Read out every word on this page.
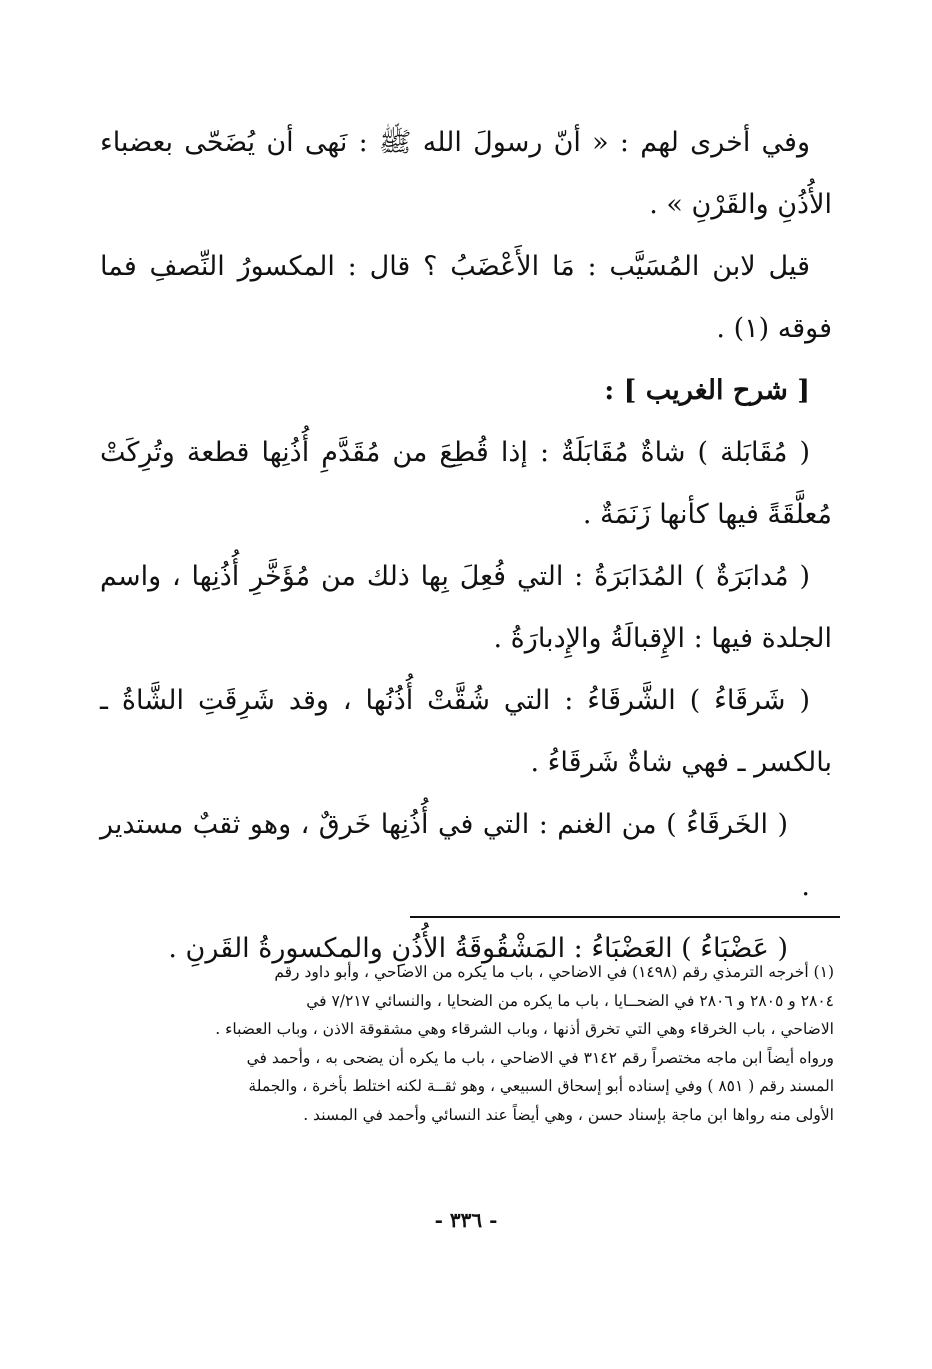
وفي أخرى لهم : « أنّ رسولَ الله ﷺ : نَهى أن يُضَحّى بعضباء الأُذُنِ والقَرْنِ » .

قيل لابن المُسَيَّب : مَا الأَعْضَبُ ؟ قال : المكسورُ النِّصفِ فما فوقه (١) .

[ شرح الغريب ] :

( مُقَابَلة ) شاةٌ مُقَابَلَةٌ : إذا قُطِعَ من مُقَدَّمِ أُذُنِها قطعة وتُرِكَتْ مُعلَّقَةً فيها كأنها زَنَمَةٌ .

( مُدابَرَةٌ ) المُدَابَرَةُ : التي فُعِلَ بِها ذلك من مُؤَخَّرِ أُذُنِها ، واسم الجلدة فيها : الإِقبالَةُ والإِدبارَةُ .

( شَرقَاءُ ) الشَّرقَاءُ : التي شُقَّتْ أُذُنُها ، وقد شَرِقَتِ الشَّاةُ ـ بالكسر ـ فهي شاةٌ شَرقَاءُ .

( الخَرقَاءُ ) من الغنم : التي في أُذُنِها خَرقٌ ، وهو ثقبٌ مستدير .

( عَضْبَاءُ ) العَضْبَاءُ : المَشْقُوقَةُ الأُذُنِ والمكسورةُ القَرنِ .

(١) أخرجه الترمذي رقم (١٤٩٨) في الاضاحي ، باب ما يكره من الاضاحي ، وأبو داود رقم

٢٨٠٤ و ٢٨٠٥ و ٢٨٠٦ في الضحــايا ، باب ما يكره من الضحايا ، والنسائي ٧/٢١٧ في

الاضاحي ، باب الخرقاء وهي التي تخرق أذنها ، وباب الشرقاء وهي مشقوقة الاذن ، وباب العضباء .

ورواه أيضاً ابن ماجه مختصراً رقم ٣١٤٢ في الاضاحي ، باب ما يكره أن يضحى به ، وأحمد في

المسند رقم ( ٨٥١ ) وفي إسناده أبو إسحاق السبيعي ، وهو ثقــة لكنه اختلط بأخرة ، والجملة

الأولى منه رواها ابن ماجة بإسناد حسن ، وهي أيضاً عند النسائي وأحمد في المسند .

- ٣٣٦ -
